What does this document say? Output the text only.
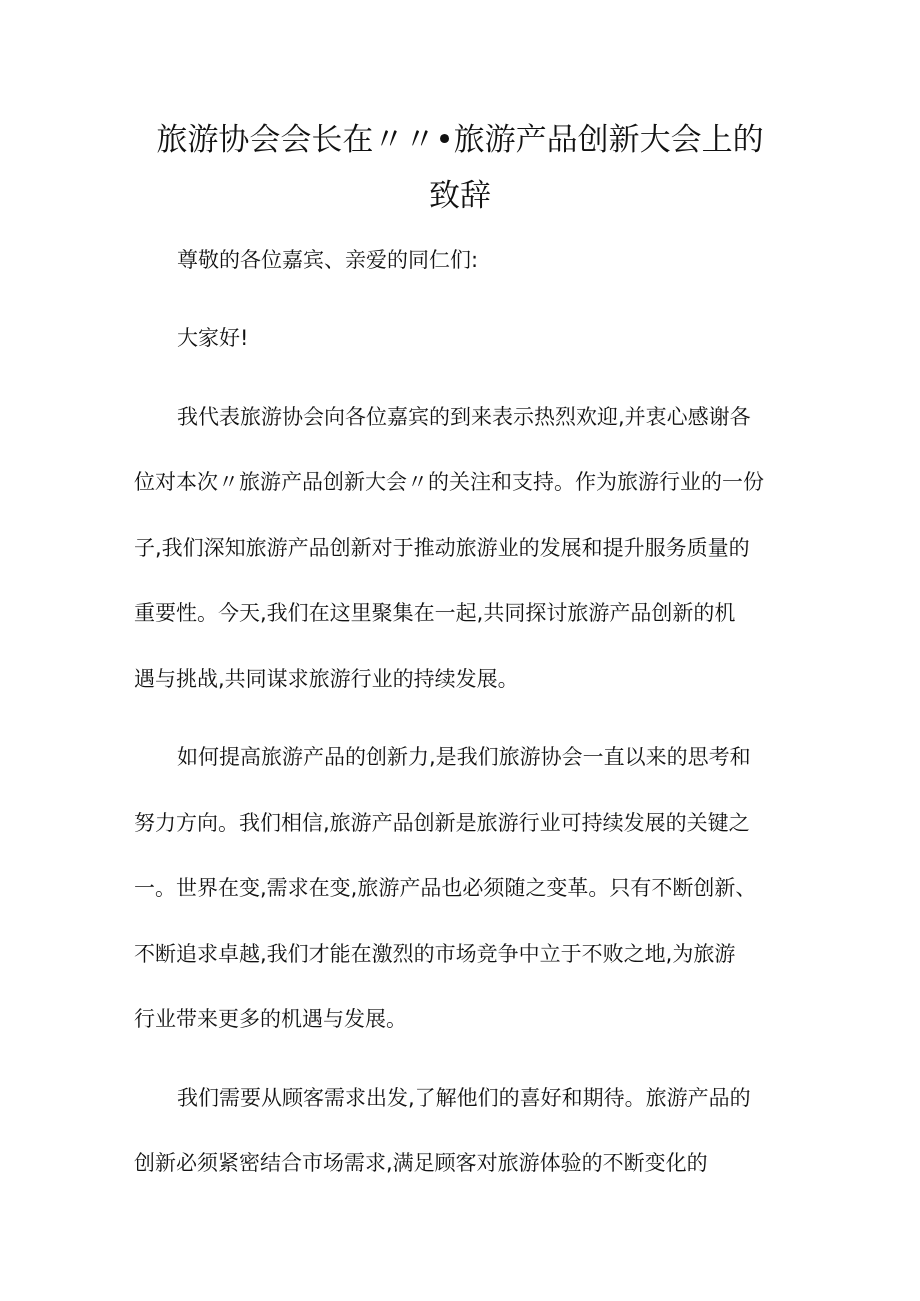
旅游协会会长在〃〃•旅游产品创新大会上的
致辞

尊敬的各位嘉宾、亲爱的同仁们:

大家好!

我代表旅游协会向各位嘉宾的到来表示热烈欢迎,并衷心感谢各

位对本次〃旅游产品创新大会〃的关注和支持。作为旅游行业的一份

子,我们深知旅游产品创新对于推动旅游业的发展和提升服务质量的

重要性。今天,我们在这里聚集在一起,共同探讨旅游产品创新的机

遇与挑战,共同谋求旅游行业的持续发展。

如何提高旅游产品的创新力,是我们旅游协会一直以来的思考和

努力方向。我们相信,旅游产品创新是旅游行业可持续发展的关键之

一。世界在变,需求在变,旅游产品也必须随之变革。只有不断创新、

不断追求卓越,我们才能在激烈的市场竞争中立于不败之地,为旅游

行业带来更多的机遇与发展。

我们需要从顾客需求出发,了解他们的喜好和期待。旅游产品的

创新必须紧密结合市场需求,满足顾客对旅游体验的不断变化的
